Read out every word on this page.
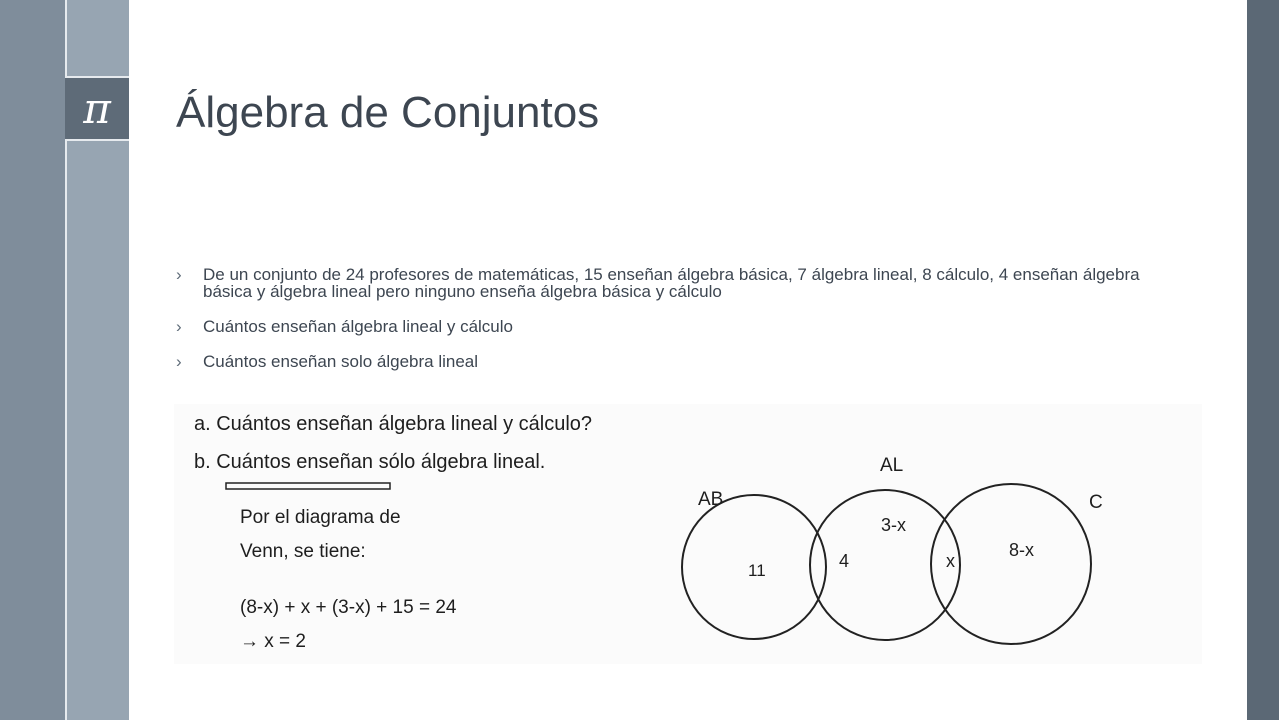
π Álgebra de Conjuntos
› De un conjunto de 24 profesores de matemáticas, 15 enseñan álgebra básica, 7 álgebra lineal, 8 cálculo, 4 enseñan álgebra básica y álgebra lineal pero ninguno enseña álgebra básica y cálculo
› Cuántos enseñan álgebra lineal y cálculo
› Cuántos enseñan solo álgebra lineal
a. Cuántos enseñan álgebra lineal y cálculo?
b. Cuántos enseñan sólo álgebra lineal.
Por el diagrama de
Venn, se tiene:
(8-x) + x + (3-x) + 15 = 24
→ x = 2
AB
AL
C
11	4
3-x
x
8-x
